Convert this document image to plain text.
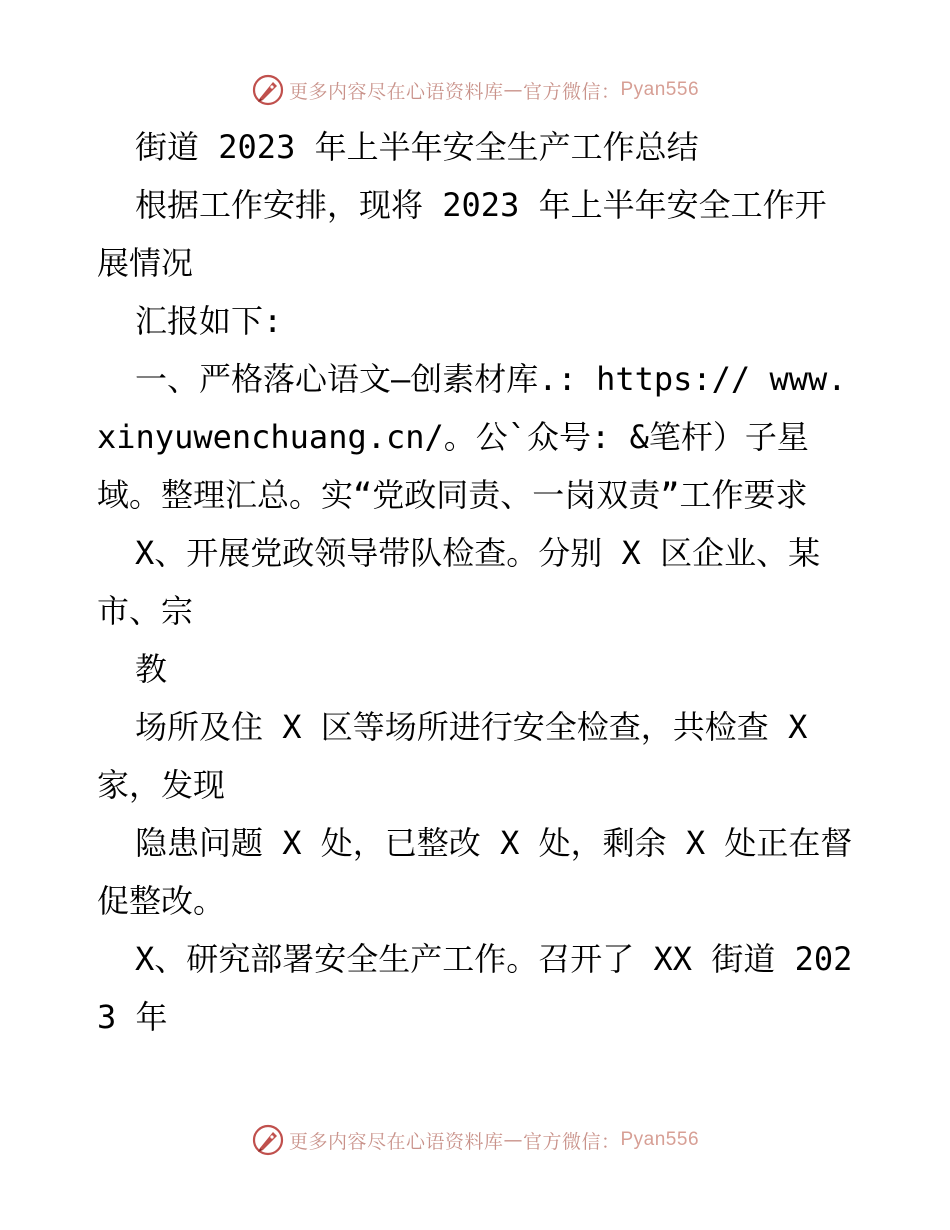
更多内容尽在心语资料库 — 官方微信： Pyan556

街道 2023 年上半年安全生产工作总结

根据工作安排，现将 2023 年上半年安全工作开展情况

汇报如下:

一、严格落心语文—创素材库.: https:// www.xinyuwenchuang.cn/。公`众号: &笔杆）子星域。整理汇总。实“党政同责、一岗双责”工作要求

X、开展党政领导带队检查。分别 X 区企业、某市、宗

教

场所及住 X 区等场所进行安全检查，共检查 X 家，发现

隐患问题 X 处，已整改 X 处，剩余 X 处正在督促整改。

X、研究部署安全生产工作。召开了 XX 街道 2023 年

更多内容尽在心语资料库 — 官方微信： Pyan556
